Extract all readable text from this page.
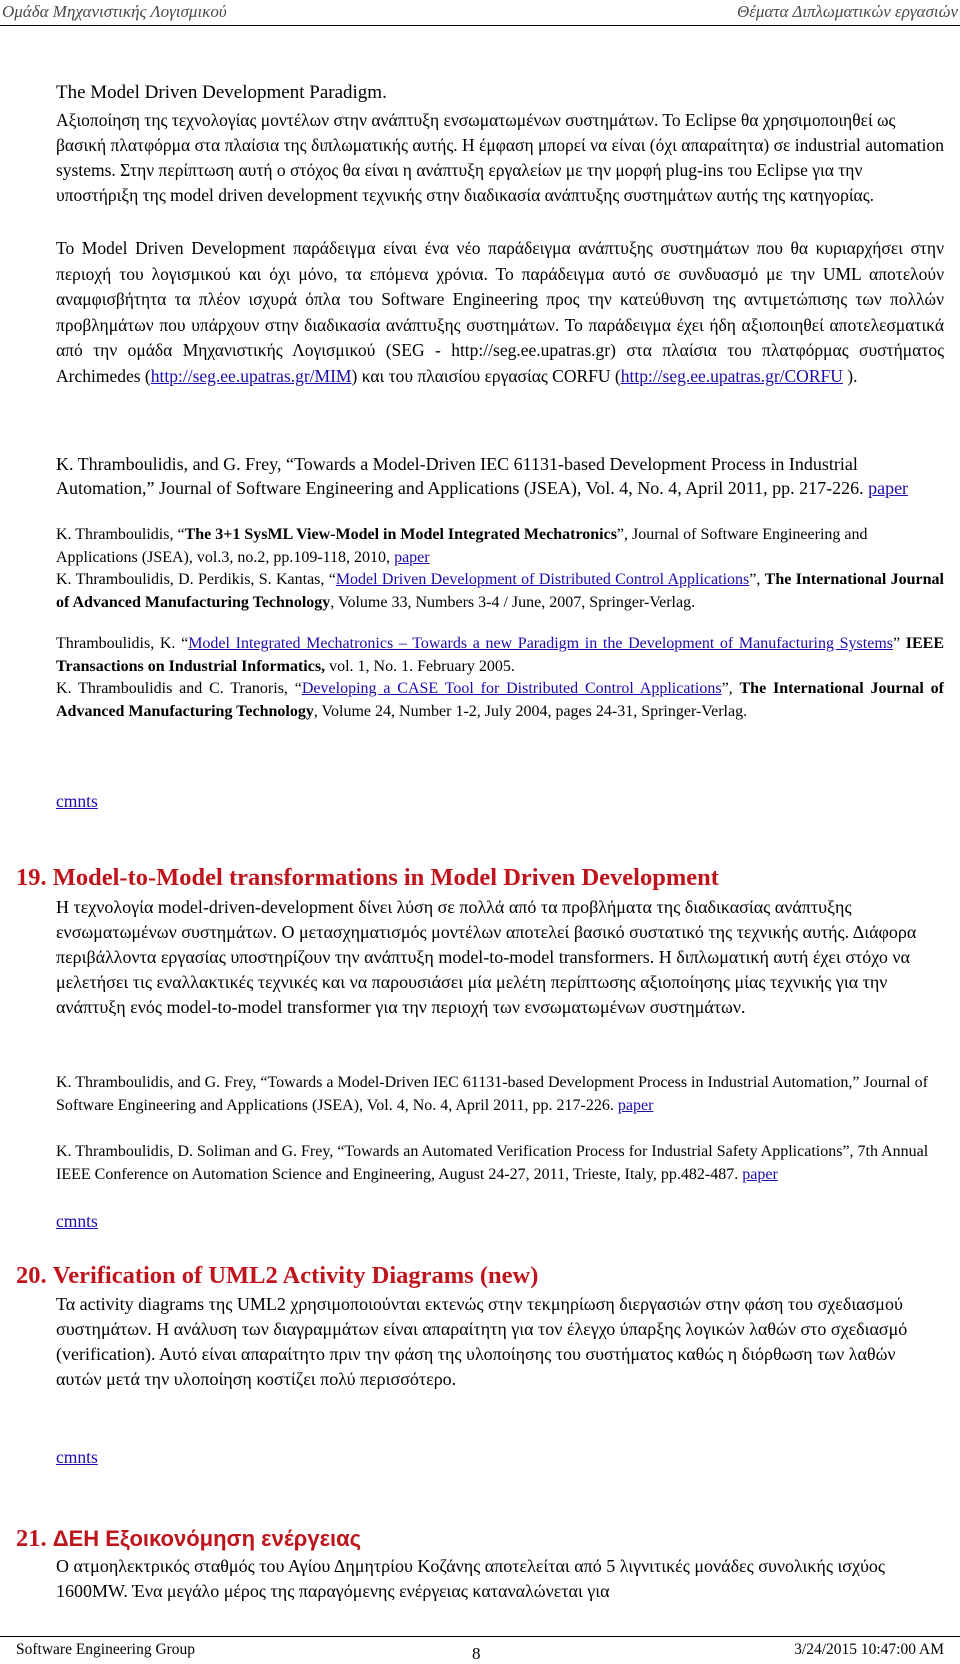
Ομάδα Μηχανιστικής Λογισμικού	Θέματα Διπλωματικών εργασιών
The Model Driven Development Paradigm.
Αξιοποίηση της τεχνολογίας μοντέλων στην ανάπτυξη ενσωματωμένων συστημάτων. Το Eclipse θα χρησιμοποιηθεί ως βασική πλατφόρμα στα πλαίσια της διπλωματικής αυτής. Η έμφαση μπορεί να είναι (όχι απαραίτητα) σε industrial automation systems. Στην περίπτωση αυτή ο στόχος θα είναι η ανάπτυξη εργαλείων με την μορφή plug-ins του Eclipse για την υποστήριξη της model driven development τεχνικής στην διαδικασία ανάπτυξης συστημάτων αυτής της κατηγορίας.
Το Model Driven Development παράδειγμα είναι ένα νέο παράδειγμα ανάπτυξης συστημάτων που θα κυριαρχήσει στην περιοχή του λογισμικού και όχι μόνο, τα επόμενα χρόνια. Το παράδειγμα αυτό σε συνδυασμό με την UML αποτελούν αναμφισβήτητα τα πλέον ισχυρά όπλα του Software Engineering προς την κατεύθυνση της αντιμετώπισης των πολλών προβλημάτων που υπάρχουν στην διαδικασία ανάπτυξης συστημάτων. Το παράδειγμα έχει ήδη αξιοποιηθεί αποτελεσματικά από την ομάδα Μηχανιστικής Λογισμικού (SEG - http://seg.ee.upatras.gr) στα πλαίσια του πλατφόρμας συστήματος Archimedes (http://seg.ee.upatras.gr/MIM) και του πλαισίου εργασίας CORFU (http://seg.ee.upatras.gr/CORFU ).
K. Thramboulidis, and G. Frey, “Towards a Model-Driven IEC 61131-based Development Process in Industrial Automation,” Journal of Software Engineering and Applications (JSEA), Vol. 4, No. 4, April 2011, pp. 217-226. paper
K. Thramboulidis, “The 3+1 SysML View-Model in Model Integrated Mechatronics”, Journal of Software Engineering and Applications (JSEA), vol.3, no.2, pp.109-118, 2010, paper
K. Thramboulidis, D. Perdikis, S. Kantas, “Model Driven Development of Distributed Control Applications”, The International Journal of Advanced Manufacturing Technology, Volume 33, Numbers 3-4 / June, 2007, Springer-Verlag.
Thramboulidis, K. “Model Integrated Mechatronics – Towards a new Paradigm in the Development of Manufacturing Systems” IEEE Transactions on Industrial Informatics, vol. 1, No. 1. February 2005.
K. Thramboulidis and C. Tranoris, “Developing a CASE Tool for Distributed Control Applications”, The International Journal of Advanced Manufacturing Technology, Volume 24, Number 1-2, July 2004, pages 24-31, Springer-Verlag.
cmnts
19. Model-to-Model transformations in Model Driven Development
Η τεχνολογία model-driven-development δίνει λύση σε πολλά από τα προβλήματα της διαδικασίας ανάπτυξης ενσωματωμένων συστημάτων. Ο μετασχηματισμός μοντέλων αποτελεί βασικό συστατικό της τεχνικής αυτής. Διάφορα περιβάλλοντα εργασίας υποστηρίζουν την ανάπτυξη model-to-model transformers. Η διπλωματική αυτή έχει στόχο να μελετήσει τις εναλλακτικές τεχνικές και να παρουσιάσει μία μελέτη περίπτωσης αξιοποίησης μίας τεχνικής για την ανάπτυξη ενός model-to-model transformer για την περιοχή των ενσωματωμένων συστημάτων.
K. Thramboulidis, and G. Frey, “Towards a Model-Driven IEC 61131-based Development Process in Industrial Automation,” Journal of Software Engineering and Applications (JSEA), Vol. 4, No. 4, April 2011, pp. 217-226. paper
K. Thramboulidis, D. Soliman and G. Frey, “Towards an Automated Verification Process for Industrial Safety Applications”, 7th Annual IEEE Conference on Automation Science and Engineering, August 24-27, 2011, Trieste, Italy, pp.482-487. paper
cmnts
20. Verification of UML2 Activity Diagrams (new)
Τα activity diagrams της UML2 χρησιμοποιούνται εκτενώς στην τεκμηρίωση διεργασιών στην φάση του σχεδιασμού συστημάτων. Η ανάλυση των διαγραμμάτων είναι απαραίτητη για τον έλεγχο ύπαρξης λογικών λαθών στο σχεδιασμό (verification). Αυτό είναι απαραίτητο πριν την φάση της υλοποίησης του συστήματος καθώς η διόρθωση των λαθών αυτών μετά την υλοποίηση κοστίζει πολύ περισσότερο.
cmnts
21. ΔΕΗ Εξοικονόμηση ενέργειας
Ο ατμοηλεκτρικός σταθμός του Αγίου Δημητρίου Κοζάνης αποτελείται από 5 λιγνιτικές μονάδες συνολικής ισχύος 1600MW. Ένα μεγάλο μέρος της παραγόμενης ενέργειας καταναλώνεται για
Software Engineering Group	8	3/24/2015 10:47:00 AM
